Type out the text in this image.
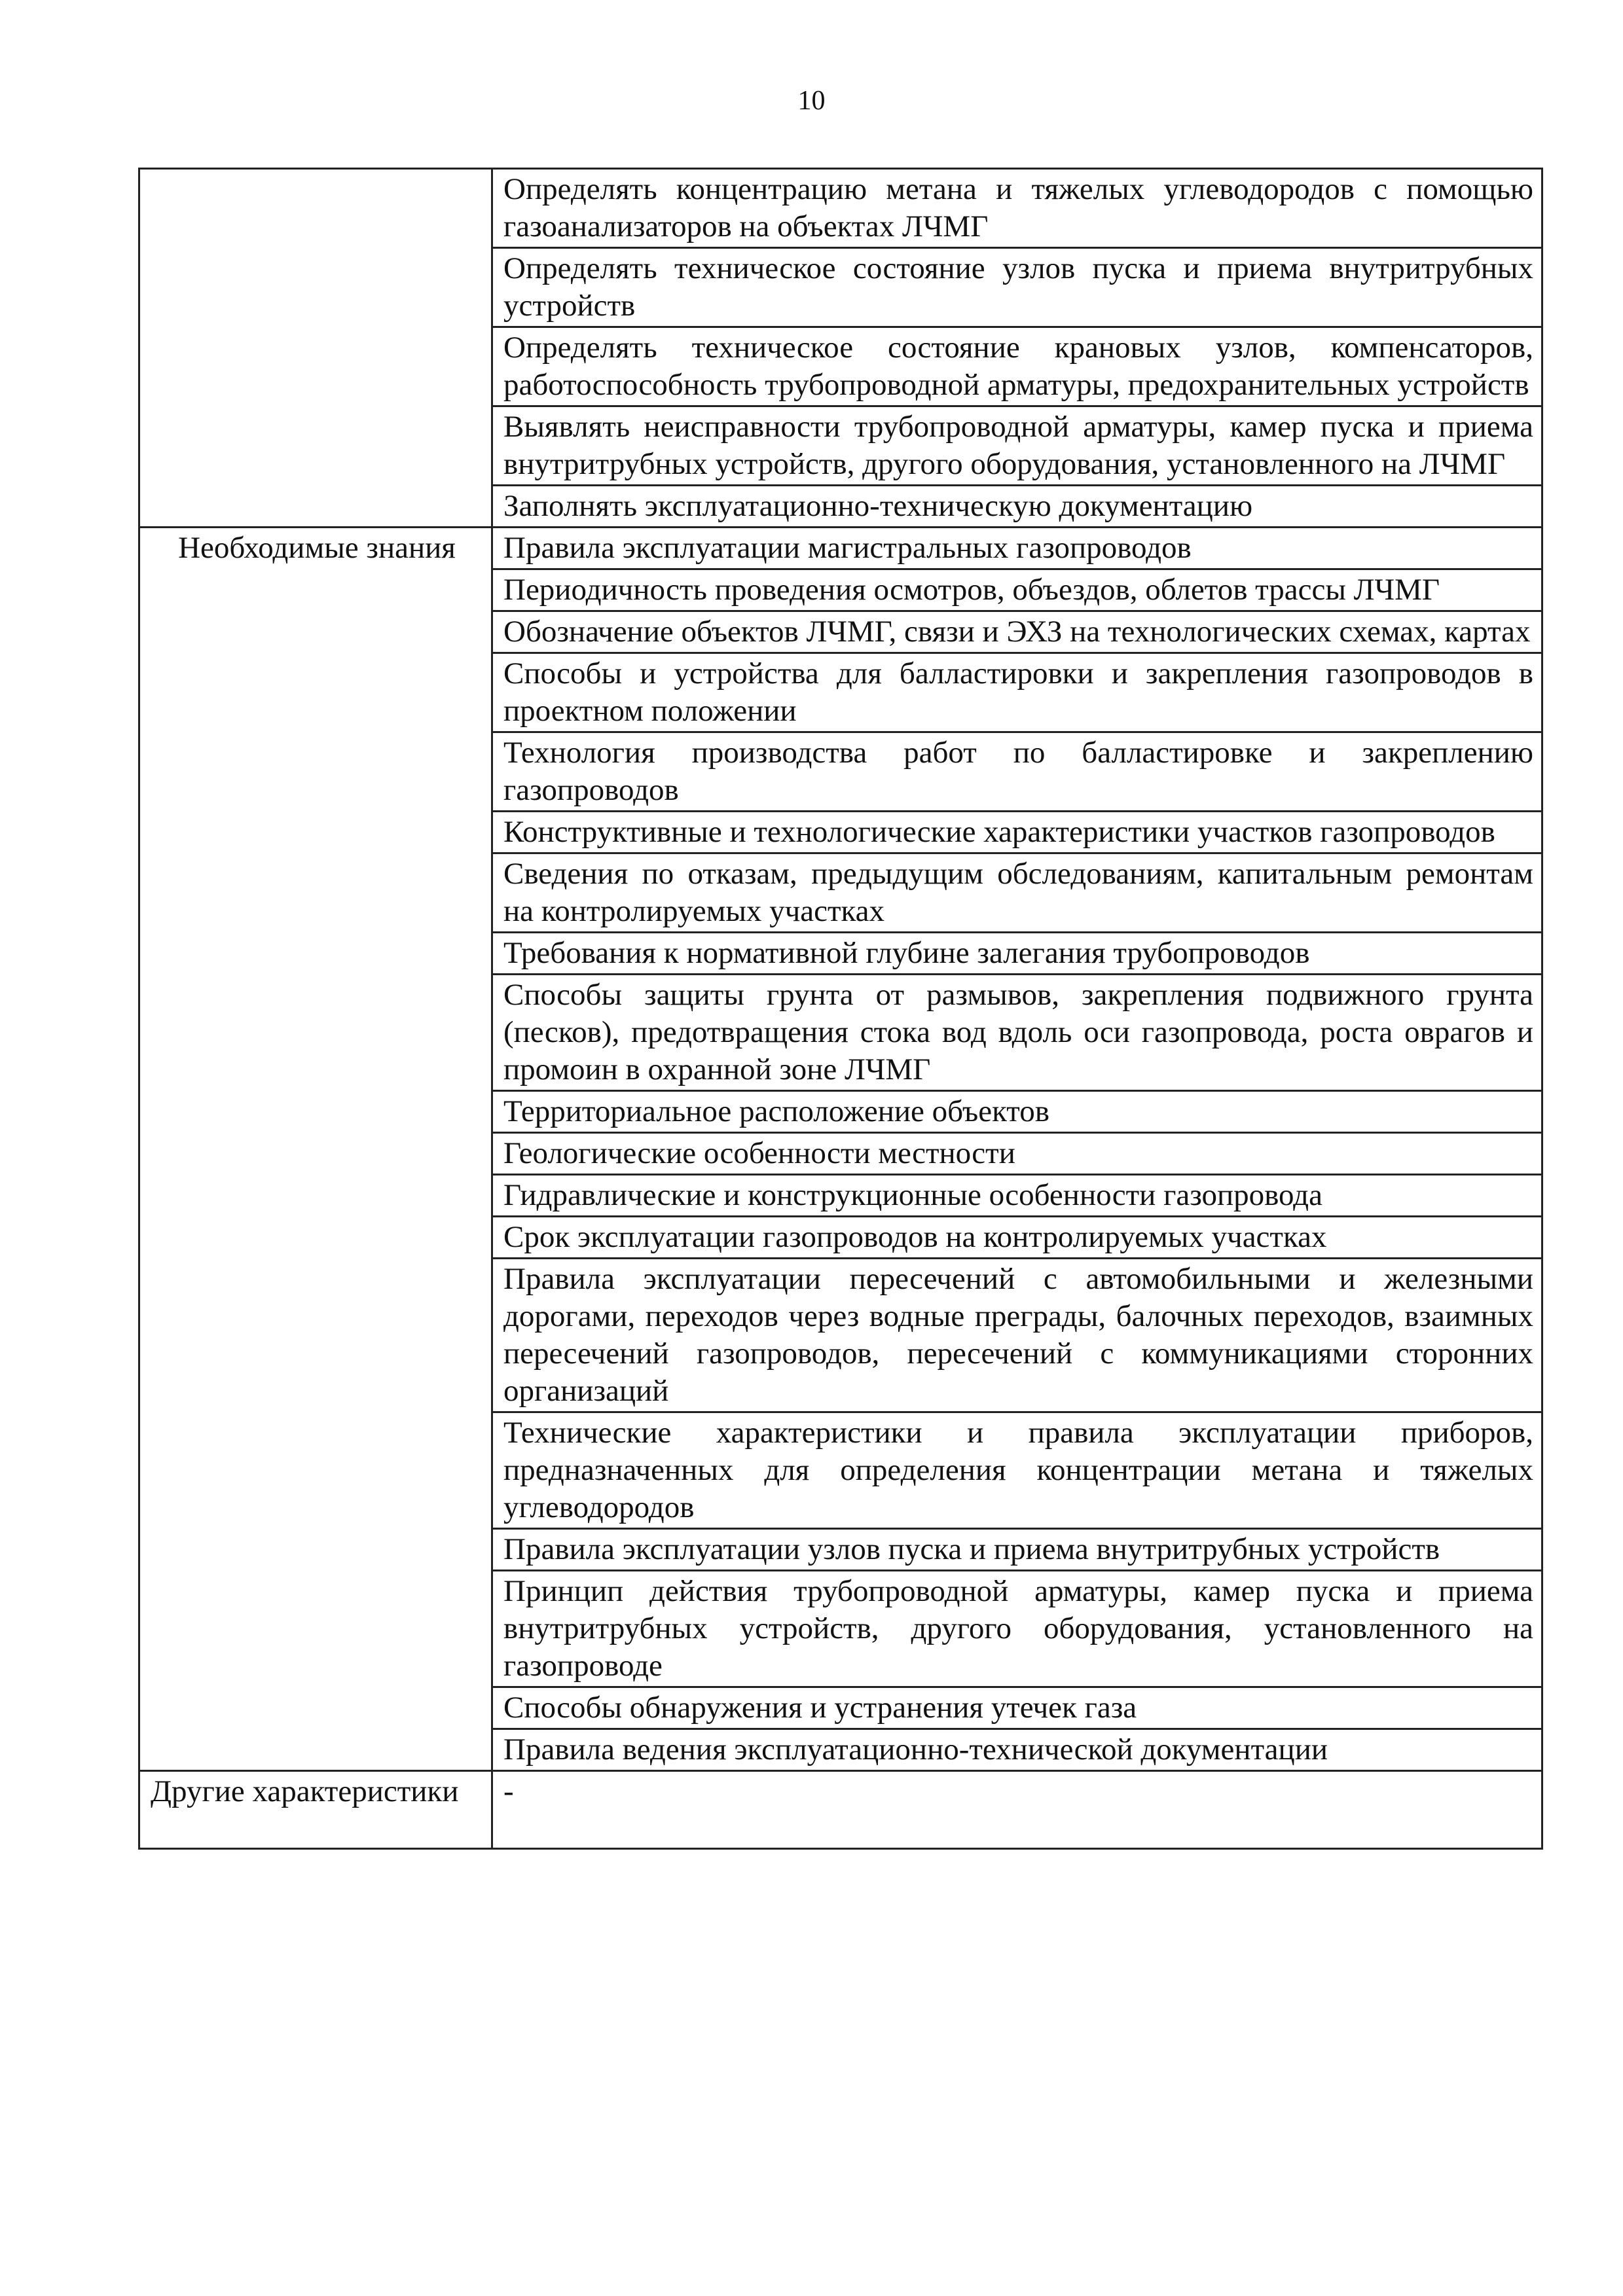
10
	Определять концентрацию метана и тяжелых углеводородов с помощью газоанализаторов на объектах ЛЧМГ
	Определять техническое состояние узлов пуска и приема внутритрубных устройств
	Определять техническое состояние крановых узлов, компенсаторов, работоспособность трубопроводной арматуры, предохранительных устройств
	Выявлять неисправности трубопроводной арматуры, камер пуска и приема внутритрубных устройств, другого оборудования, установленного на ЛЧМГ
	Заполнять эксплуатационно-техническую документацию
Необходимые знания	Правила эксплуатации магистральных газопроводов
	Периодичность проведения осмотров, объездов, облетов трассы ЛЧМГ
	Обозначение объектов ЛЧМГ, связи и ЭХЗ на технологических схемах, картах
	Способы и устройства для балластировки и закрепления газопроводов в проектном положении
	Технология производства работ по балластировке и закреплению газопроводов
	Конструктивные и технологические характеристики участков газопроводов
	Сведения по отказам, предыдущим обследованиям, капитальным ремонтам на контролируемых участках
	Требования к нормативной глубине залегания трубопроводов
	Способы защиты грунта от размывов, закрепления подвижного грунта (песков), предотвращения стока вод вдоль оси газопровода, роста оврагов и промоин в охранной зоне ЛЧМГ
	Территориальное расположение объектов
	Геологические особенности местности
	Гидравлические и конструкционные особенности газопровода
	Срок эксплуатации газопроводов на контролируемых участках
	Правила эксплуатации пересечений с автомобильными и железными дорогами, переходов через водные преграды, балочных переходов, взаимных пересечений газопроводов, пересечений с коммуникациями сторонних организаций
	Технические характеристики и правила эксплуатации приборов, предназначенных для определения концентрации метана и тяжелых углеводородов
	Правила эксплуатации узлов пуска и приема внутритрубных устройств
	Принцип действия трубопроводной арматуры, камер пуска и приема внутритрубных устройств, другого оборудования, установленного на газопроводе
	Способы обнаружения и устранения утечек газа
	Правила ведения эксплуатационно-технической документации
Другие характеристики	-
